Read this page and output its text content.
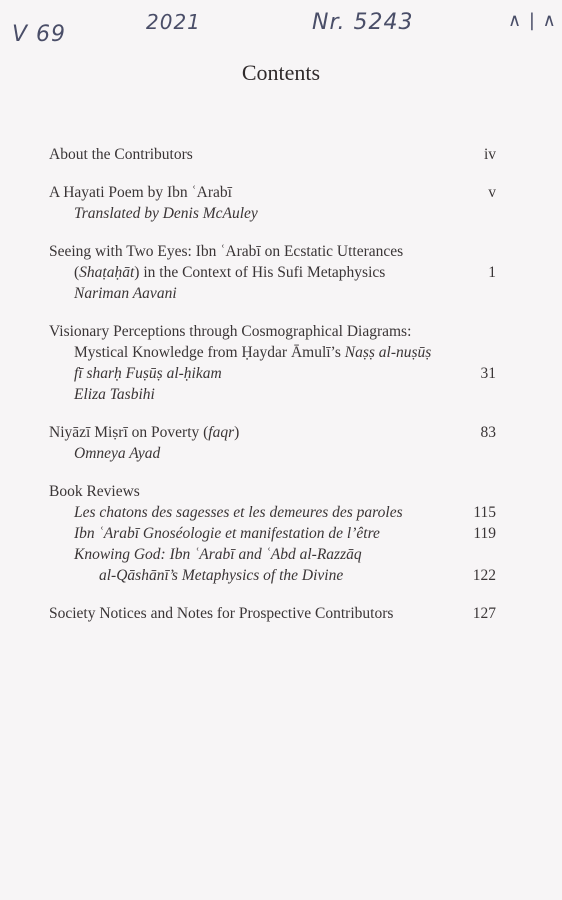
V 69	2021	Nr. 5243	∧ | ∧
Contents
About the Contributors	iv
A Hayati Poem by Ibn ʿArabī	v
Translated by Denis McAuley
Seeing with Two Eyes: Ibn ʿArabī on Ecstatic Utterances
(Shaṭaḥāt) in the Context of His Sufi Metaphysics	1
Nariman Aavani
Visionary Perceptions through Cosmographical Diagrams:
Mystical Knowledge from Ḥaydar Āmulī’s Naṣṣ al-nuṣūṣ
fī sharḥ Fuṣūṣ al-ḥikam	31
Eliza Tasbihi
Niyāzī Miṣrī on Poverty (faqr)	83
Omneya Ayad
Book Reviews
Les chatons des sagesses et les demeures des paroles	115
Ibn ʿArabī Gnoséologie et manifestation de l’être	119
Knowing God: Ibn ʿArabī and ʿAbd al-Razzāq
al-Qāshānī’s Metaphysics of the Divine	122
Society Notices and Notes for Prospective Contributors	127
